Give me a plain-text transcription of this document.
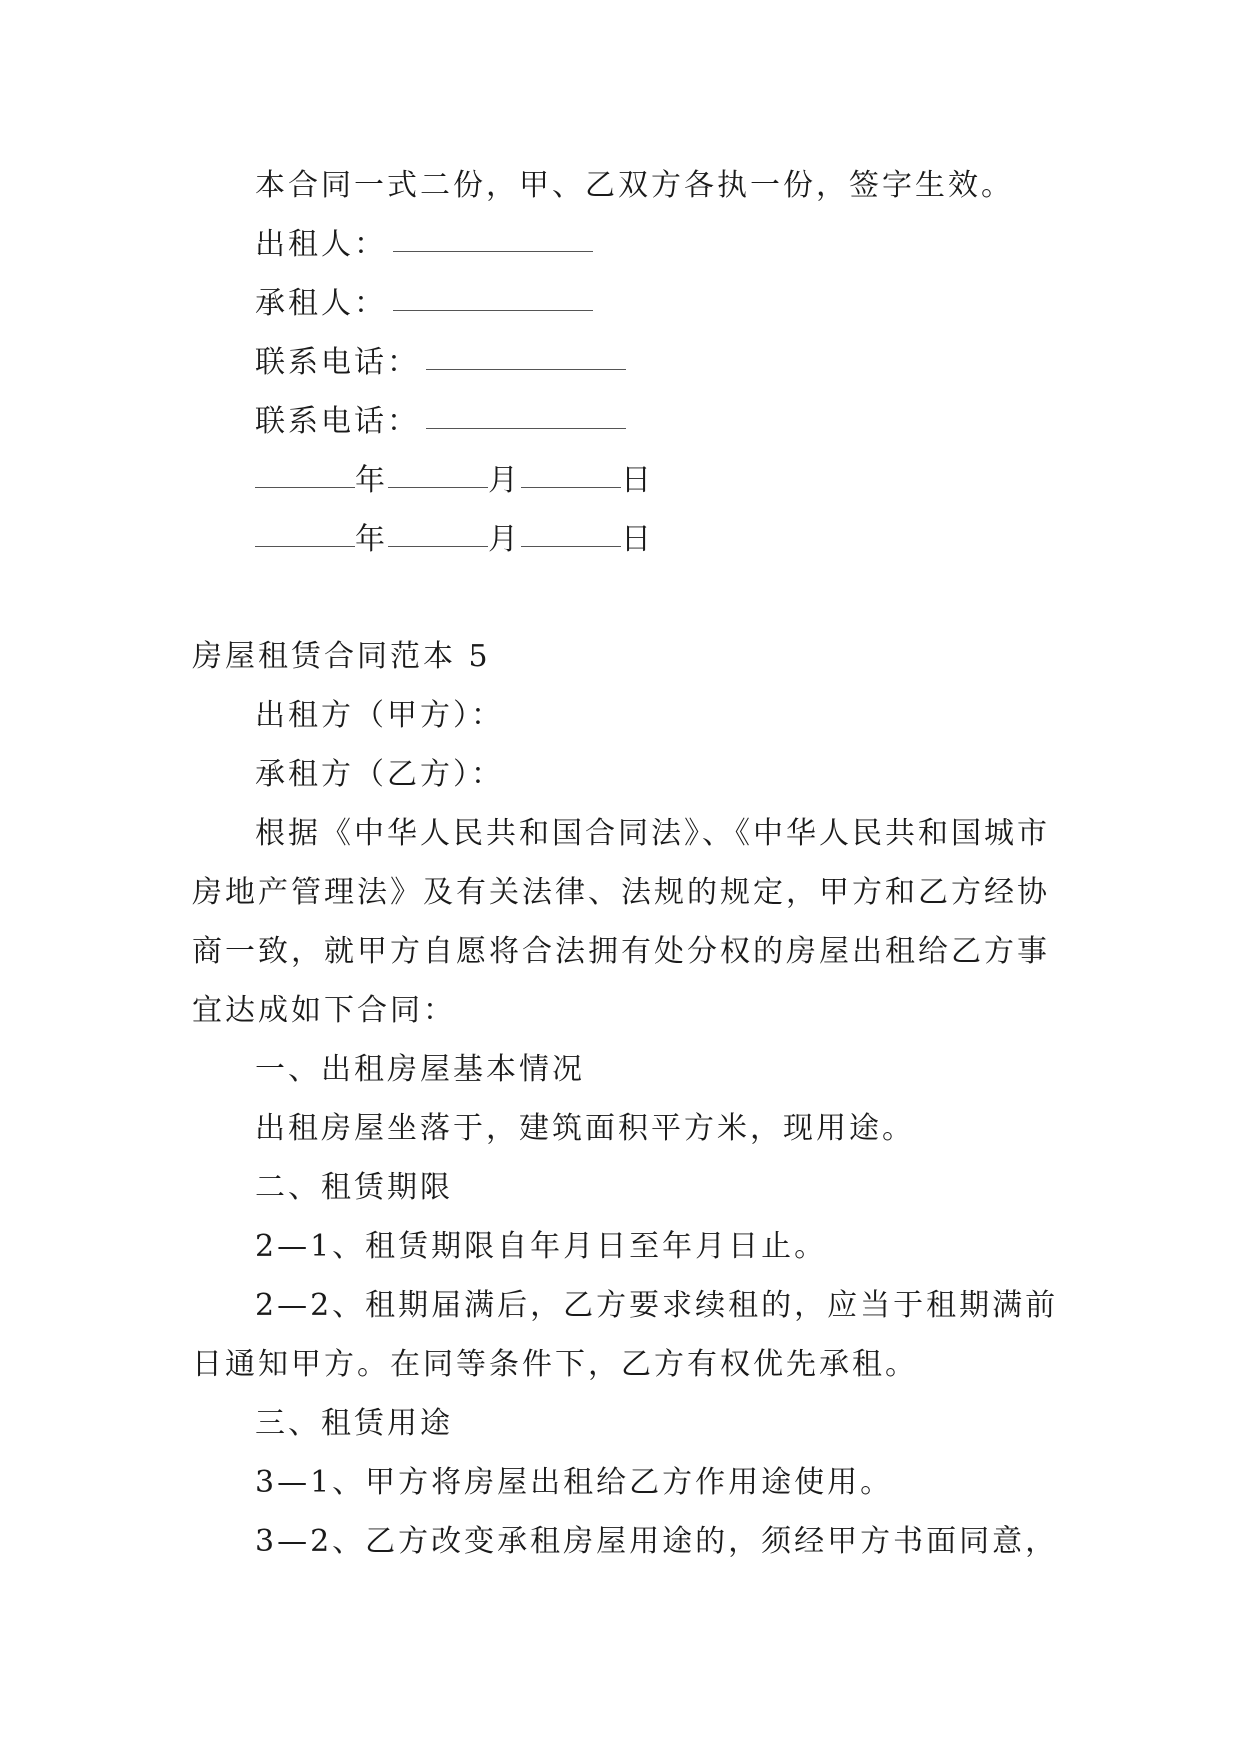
本合同一式二份，甲、乙双方各执一份，签字生效。
出租人：
承租人：
联系电话：
联系电话：
年	月	日
年	月	日
房屋租赁合同范本 5
出租方（甲方）：
承租方（乙方）：
根据《中华人民共和国合同法》、《中华人民共和国城市
房地产管理法》及有关法律、法规的规定，甲方和乙方经协
商一致，就甲方自愿将合法拥有处分权的房屋出租给乙方事
宜达成如下合同：
一、出租房屋基本情况
出租房屋坐落于，建筑面积平方米，现用途。
二、租赁期限
2—1、租赁期限自年月日至年月日止。
2—2、租期届满后，乙方要求续租的，应当于租期满前
日通知甲方。在同等条件下，乙方有权优先承租。
三、租赁用途
3—1、甲方将房屋出租给乙方作用途使用。
3—2、乙方改变承租房屋用途的，须经甲方书面同意，
